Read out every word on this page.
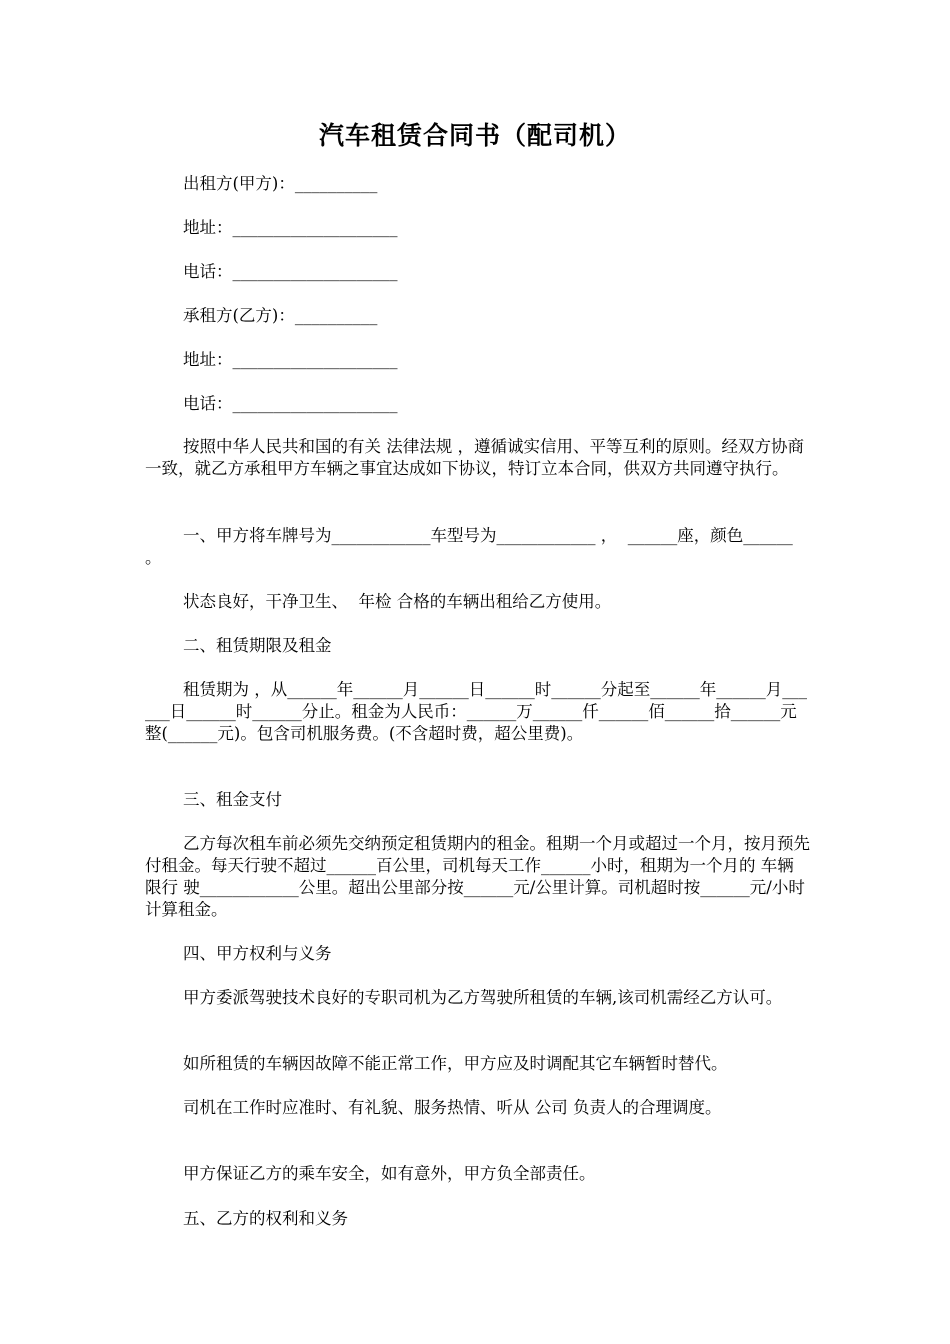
汽车租赁合同书（配司机）

出租方(甲方)：__________

地址：____________________

电话：____________________

承租方(乙方)：__________

地址：____________________

电话：____________________

按照中华人民共和国的有关 法律法规 ，遵循诚实信用、平等互利的原则。经双方协商一致，就乙方承租甲方车辆之事宜达成如下协议，特订立本合同，供双方共同遵守执行。

一、甲方将车牌号为____________车型号为____________ ，  ______座，颜色______ 。

状态良好，干净卫生、  年检 合格的车辆出租给乙方使用。

二、租赁期限及租金

租赁期为 ，从______年______月______日______时______分起至______年______月______日______时______分止。租金为人民币：______万______仟______佰______拾______元整(______元)。包含司机服务费。(不含超时费，超公里费)。

三、租金支付

乙方每次租车前必须先交纳预定租赁期内的租金。租期一个月或超过一个月，按月预先付租金。每天行驶不超过______百公里，司机每天工作______小时，租期为一个月的 车辆限行 驶____________公里。超出公里部分按______元/公里计算。司机超时按______元/小时计算租金。

四、甲方权利与义务

甲方委派驾驶技术良好的专职司机为乙方驾驶所租赁的车辆,该司机需经乙方认可。

如所租赁的车辆因故障不能正常工作，甲方应及时调配其它车辆暂时替代。

司机在工作时应准时、有礼貌、服务热情、听从 公司 负责人的合理调度。

甲方保证乙方的乘车安全，如有意外，甲方负全部责任。

五、乙方的权利和义务
